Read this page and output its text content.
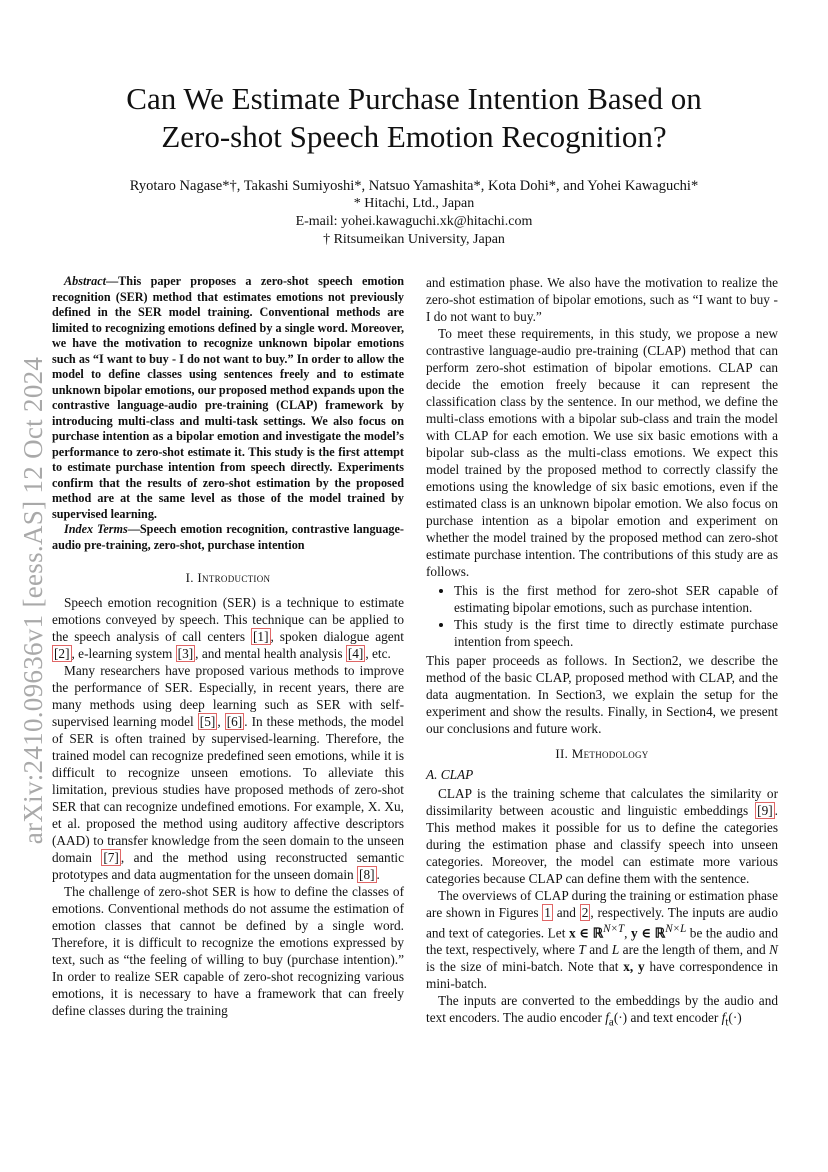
arXiv:2410.09636v1 [eess.AS] 12 Oct 2024
Can We Estimate Purchase Intention Based on
Zero-shot Speech Emotion Recognition?
Ryotaro Nagase*†, Takashi Sumiyoshi*, Natsuo Yamashita*, Kota Dohi*, and Yohei Kawaguchi*
* Hitachi, Ltd., Japan
E-mail: yohei.kawaguchi.xk@hitachi.com
† Ritsumeikan University, Japan

Abstract—This paper proposes a zero-shot speech emotion recognition (SER) method that estimates emotions not previously defined in the SER model training. Conventional methods are limited to recognizing emotions defined by a single word. Moreover, we have the motivation to recognize unknown bipolar emotions such as “I want to buy - I do not want to buy.” In order to allow the model to define classes using sentences freely and to estimate unknown bipolar emotions, our proposed method expands upon the contrastive language-audio pre-training (CLAP) framework by introducing multi-class and multi-task settings. We also focus on purchase intention as a bipolar emotion and investigate the model’s performance to zero-shot estimate it. This study is the first attempt to estimate purchase intention from speech directly. Experiments confirm that the results of zero-shot estimation by the proposed method are at the same level as those of the model trained by supervised learning.

Index Terms—Speech emotion recognition, contrastive language-audio pre-training, zero-shot, purchase intention

I. Introduction

Speech emotion recognition (SER) is a technique to estimate emotions conveyed by speech. This technique can be applied to the speech analysis of call centers [1] , spoken dialogue agent [2] , e-learning system [3] , and mental health analysis [4] , etc.

Many researchers have proposed various methods to improve the performance of SER. Especially, in recent years, there are many methods using deep learning such as SER with self-supervised learning model [5] , [6] . In these methods, the model of SER is often trained by supervised-learning. Therefore, the trained model can recognize predefined seen emotions, while it is difficult to recognize unseen emotions. To alleviate this limitation, previous studies have proposed methods of zero-shot SER that can recognize undefined emotions. For example, X. Xu, et al. proposed the method using auditory affective descriptors (AAD) to transfer knowledge from the seen domain to the unseen domain [7] , and the method using reconstructed semantic prototypes and data augmentation for the unseen domain [8] .

The challenge of zero-shot SER is how to define the classes of emotions. Conventional methods do not assume the estimation of emotion classes that cannot be defined by a single word. Therefore, it is difficult to recognize the emotions expressed by text, such as “the feeling of willing to buy (purchase intention).” In order to realize SER capable of zero-shot recognizing various emotions, it is necessary to have a framework that can freely define classes during the training

and estimation phase. We also have the motivation to realize the zero-shot estimation of bipolar emotions, such as “I want to buy - I do not want to buy.”

To meet these requirements, in this study, we propose a new contrastive language-audio pre-training (CLAP) method that can perform zero-shot estimation of bipolar emotions. CLAP can decide the emotion freely because it can represent the classification class by the sentence. In our method, we define the multi-class emotions with a bipolar sub-class and train the model with CLAP for each emotion. We use six basic emotions with a bipolar sub-class as the multi-class emotions. We expect this model trained by the proposed method to correctly classify the emotions using the knowledge of six basic emotions, even if the estimated class is an unknown bipolar emotion. We also focus on purchase intention as a bipolar emotion and experiment on whether the model trained by the proposed method can zero-shot estimate purchase intention. The contributions of this study are as follows.

• This is the first method for zero-shot SER capable of estimating bipolar emotions, such as purchase intention.
• This study is the first time to directly estimate purchase intention from speech.

This paper proceeds as follows. In Section2, we describe the method of the basic CLAP, proposed method with CLAP, and the data augmentation. In Section3, we explain the setup for the experiment and show the results. Finally, in Section4, we present our conclusions and future work.

II. Methodology
A. CLAP

CLAP is the training scheme that calculates the similarity or dissimilarity between acoustic and linguistic embeddings [9] . This method makes it possible for us to define the categories during the estimation phase and classify speech into unseen categories. Moreover, the model can estimate more various categories because CLAP can define them with the sentence.

The overviews of CLAP during the training or estimation phase are shown in Figures 1 and 2 , respectively. The inputs are audio and text of categories. Let x ∈ ℝ$^{N\times T}$, y ∈ ℝ$^{N\times L}$ be the audio and the text, respectively, where T and L are the length of them, and N is the size of mini-batch. Note that x, y have correspondence in mini-batch.

The inputs are converted to the embeddings by the audio and text encoders. The audio encoder $f_a(\cdot)$ and text encoder $f_t(\cdot)$
